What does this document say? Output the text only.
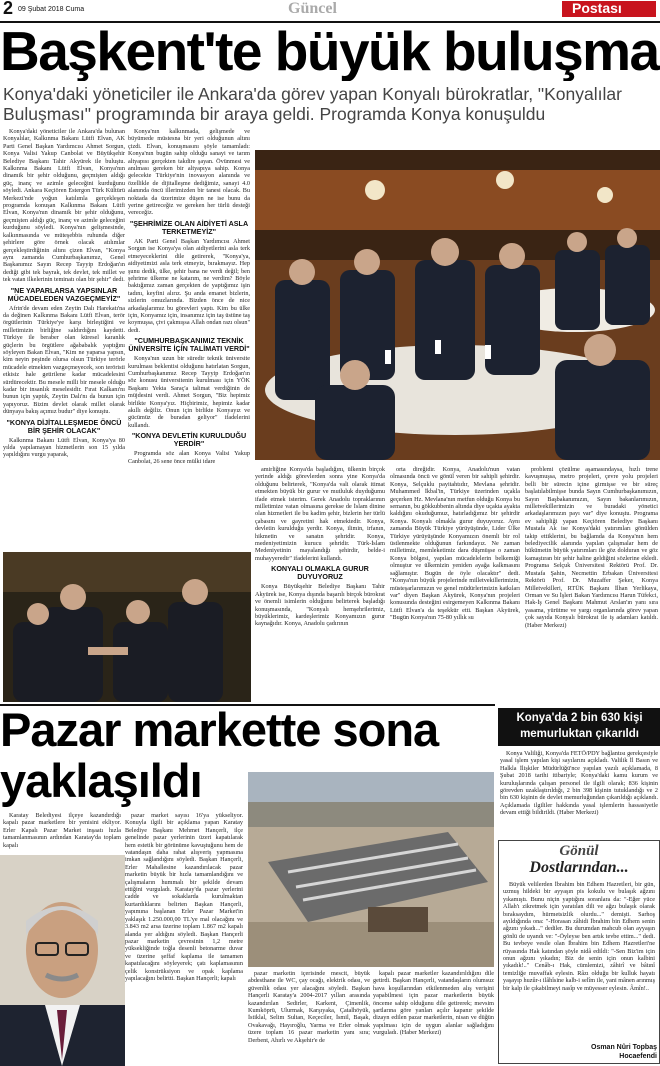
2 09 Şubat 2018 Cuma	Güncel	Postası
Başkent'te büyük buluşma

Konya'daki yöneticiler ile Ankara'da görev yapan Konyalı bürokratlar, "Konyalılar Buluşması" programında bir araya geldi. Programda Konya konuşuldu

Konya'daki yöneticiler ile Ankara'da bulunan Konyalılar, Kalkınma Bakanı Lütfi Elvan, AK Parti Genel Başkan Yardımcısı Ahmet Sorgun, Konya Valisi Yakup Canbolat ve Büyükşehir Belediye Başkanı Tahir Akyürek ile buluştu. Kalkınma Bakanı Lütfi Elvan, Konya'nın dinamik bir şehir olduğunu, geçmişten aldığı güç, inanç ve azimle geleceğini kurduğunu söyledi. Ankara Keçiören Estergon Türk Kültürü Merkezi'nde yoğun katılımla gerçekleşen programda konuşan Kalkınma Bakanı Lütfi Elvan, Konya'nın dinamik bir şehir olduğunu, geçmişten aldığı güç, inanç ve azimle geleceğini kurduğunu söyledi. Konya'nın gelişmesinde, kalkınmasında ve müteşebbis ruhunda diğer şehirlere göre örnek olacak atılımlar gerçekleştirdiğinin altını çizen Elvan, "Konya aynı zamanda Cumhurbaşkanımız, Genel Başkanımız Sayın Recep Tayyip Erdoğan'ın dediği gibi tek bayrak, tek devlet, tek millet ve tek vatan ilkelerinin teminatı olan bir şehir" dedi.

"NE YAPARLARSA YAPSINLAR MÜCADELEDEN VAZGEÇMEYİZ"

Afrin'de devam eden Zeytin Dalı Harekatı'na da değinen Kalkınma Bakanı Lütfi Elvan, terör örgütlerinin Türkiye'ye karşı birleştiğini ve milletimizin birliğine saldırdığını kaydetti. Türkiye ile beraber olan küresel karanlık güçlerin bu örgütlere ağababalık yaptığını söyleyen Bakan Elvan, "Kim ne yaparsa yapsın, kim neyin peşinde olursa olsun Türkiye terörle mücadele etmekten vazgeçmeyecek, son teröristi etkisiz hale getirilene kadar mücadelesini sürdürecektir. Bu mesele milli bir mesele olduğu kadar bir insanlık meselesidir. Fırat Kalkanı'nı bunun için yaptık, Zeytin Dalı'nı da bunun için yapıyoruz. Bizim devlet olarak millet olarak dünyaya bakış açımız budur" diye konuştu.

"KONYA DİJİTALLEŞMEDE ÖNCÜ BİR ŞEHİR OLACAK"

Kalkınma Bakanı Lütfi Elvan, Konya'ya 80 yılda yapılamayan hizmetlerin son 15 yılda yapıldığını vurgu yaparak,

Konya'nın kalkınmada, gelişmede ve büyümede müstesna bir yeri olduğunun altını çizdi. Elvan, konuşmasını şöyle tamamladı: Konya'nın bugün sahip olduğu sanayi ve tarım altyapısı gerçekten takdire şayan. Övünmesi ve anılması gereken bir altyapıya sahip. Konya gelecekte Türkiye'nin inovasyon alanında ve özellikle de dijitalleşme dediğimiz, sanayi 4.0 alanında öncü illerimizden bir tanesi olacak. Bu noktada da üzerimize düşen ne ise bunu da yerine getireceğiz ve gereken her türlü desteği vereceğiz.

"ŞEHRİMİZE OLAN AİDİYETİ ASLA TERKETMEYİZ"

AK Parti Genel Başkan Yardımcısı Ahmet Sorgun ise Konya'ya olan aidiyetlerini asla terk etmeyeceklerini dile getirerek, "Konya'ya, aidiyetimizi asla terk etmeyiz, bırakmayız. Hep şunu dedik, ülke, şehir bana ne verdi değil; ben şehrime ülkeme ne katarım, ne verdim? Böyle baktığımız zaman gerçekten de yaptığımız işin tadını, keyfini alırız. Şu anda emanet bizlerin, sizlerin omuzlarında. Bizden önce de nice arkadaşlarımız bu görevleri yaptı. Kim bu ülke için, Konyamız için, insanımız için taş üstüne taş koymuşsa, çivi çakmışsa Allah ondan razı olsun" dedi.

"CUMHURBAŞKANIMIZ TEKNİK ÜNİVERSİTE İÇİN TALİMATI VERDİ"

Konya'nın uzun bir süredir teknik üniversite kurulması beklentisi olduğunu hatırlatan Sorgun, Cumhurbaşkanımız Recep Tayyip Erdoğan'ın söz konusu üniversitenin kurulması için YÖK Başkanı Yekta Saraç'a talimat verdiğinin de müjdesini verdi. Ahmet Sorgun, "Biz hepimiz birlikte Konya'yız. Hiçbirimiz, hepimiz kadar akıllı değiliz. Onun için birlikte Konyayız ve gücümüz de buradan geliyor" ifadelerini kullandı.

"KONYA DEVLETİN KURULDUĞU YERDİR"

Programda söz alan Konya Valisi Yakup Canbolat, 26 sene önce mülki idare

amirliğine Konya'da başladığını, ülkenin birçok yerinde aldığı görevlerden sonra yine Konya'da olduğunu belirterek, "Konya'da vali olarak itimat etmekten büyük bir gurur ve mutluluk duyduğumu ifade etmek isterim. Gerek Anadolu topraklarının milletimize vatan olmasına gerekse de İslam dinine olan hizmetleri ile bu kadim şehir, bizlerin her türlü çabasını ve gayretini hak etmektedir. Konya, devletin kurulduğu yerdir. Konya, ilimin, irfanın, hikmetin ve sanatın şehridir. Konya, medeniyetimizin kurucu şehridir. Türk-İslam Medeniyetinin mayalandığı şehirdir, belde-i muhayyeredir" ifadelerini kullandı.

KONYALI OLMAKLA GURUR DUYUYORUZ

Konya Büyükşehir Belediye Başkanı Tahir Akyürek ise, Konya dışında başarılı birçok bürokrat ve önemli isimlerin olduğunu belirterek başladığı konuşmasında, "Konyalı hemşehrilerimiz, büyüklerimiz, kardeşlerimiz Konyamızın gurur kaynağıdır. Konya, Anadolu çadırının

orta direğidir. Konya, Anadolu'nun vatan olmasında öncü ve gönül veren bir sahipli şehirdir. Konya, Selçuklu payitahtıdır, Mevlana şehridir. Muhammed İkbal'in, Türkiye üzerinden uçakla geçerken Hz. Mevlana'nın metfun olduğu Konya bu semanın, bu gökkubbenin altında diye uçakta ayakta kaldığını okuduğumuz, hatırladığımız bir şehirdir Konya. Konyalı olmakla gurur duyuyoruz. Aynı zamanda Büyük Türkiye yürüyüşünde, Lider Ülke Türkiye yürüyüşünde Konyamızın önemli bir rol üstlenmekte olduğunun farkındayız. Ne zaman milletimiz, memleketimiz dara düşmüşse o zaman Konya bölgesi, yapılan mücadelelerin belkemiği olmuştur ve ülkemizin yeniden ayağa kalkmasını sağlamıştır. Bugün de öyle olacaktır" dedi. "Konya'nın büyük projelerinde milletvekillerimizin, müsteşarlarımızın ve genel müdürlerimizin katkıları var" diyen Başkan Akyürek, Konya'nın projeleri konusunda desteğini esirgemeyen Kalkınma Bakanı Lütfi Elvan'a da teşekkür etti. Başkan Akyürek, "Bugün Konya'nın 75-80 yıllık su

problemi çözülme aşamasındaysa, hızlı trene kavuşmuşsa, metro projeleri, çevre yolu projeleri belli bir sürecin içine girmişse ve bir süreç başlatılabilmişse bunda Sayın Cumhurbaşkanımızın, Sayın Başbakanımızın, Sayın bakanlarımızın, milletvekillerimizin ve buradaki yönetici arkadaşlarımızın payı var" diye konuştu. Programa ev sahipliği yapan Keçiören Belediye Başkanı Mustafa Ak ise Konya'daki yatırımları gönülden takip ettiklerini, bu bağlamda da Konya'nın hem belediyecilik alanında yapılan çalışmalar hem de hükümetin büyük yatırımları ile göz dolduran ve göz kamaştıran bir şehir haline geldiğini sözlerine ekledi. Programa Selçuk Üniversitesi Rektörü Prof. Dr. Mustafa Şahin, Necmettin Erbakan Üniversitesi Rektörü Prof. Dr. Muzaffer Şeker, Konya Milletvekilleri, RTÜK Başkanı İlhan Yerlikaya, Orman ve Su İşleri Bakan Yardımcısı Harun Tüfekci, Hak-İş Genel Başkanı Mahmut Arslan'ın yanı sıra yasama, yürütme ve yargı organlarında görev yapan çok sayıda Konyalı bürokrat ile iş adamları katıldı. (Haber Merkezi)

Pazar markette sona
yaklaşıldı

Karatay Belediyesi ilçeye kazandırdığı kapalı pazar marketlere bir yenisini ekliyor. Erler Kapalı Pazar Market inşaatı hızla tamamlanmasının ardından Karatay'da toplam kapalı

pazar market sayısı 16'ya yükseliyor. Konuyla ilgili bir açıklama yapan Karatay Belediye Başkanı Mehmet Hançerli, ilçe genelinde pazar yerlerinin üzeri kapatılarak hem estetik bir görünüme kavuştuğunu hem de vatandaşın daha rahat alışveriş yapmasına imkan sağlandığını söyledi. Başkan Hançerli, Erler Mahallesine kazandırılacak pazar marketin büyük bir hızla tamamlandığını ve çalışmaların hummalı bir şekilde devam ettiğini vurguladı. Karatay'da pazar yerlerini cadde ve sokaklarda kurulmaktan kurtardıklarını belirten Başkan Hançerli, yapımına başlanan Erler Pazar Market'in yaklaşık 1.250.000,00 TL'ye mal olacağını ve 3.843 m2 arsa üzerine toplam 1.867 m2 kapalı alanda yer aldığını söyledi. Başkan Hançerli pazar marketin çevresinin 1,2 metre yüksekliğinde toğla desenli betonarme duvar ve üzerine şeffaf kaplama ile tamamen kapatılacağını söyleyerek; çatı kaplamasının çelik konstrüksiyon ve opak kaplama yapılacağını belirtti. Başkan Hançerli; kapalı

pazar marketin içerisinde mescit, büyük abdesthane ile WC, çay ocağı, elektrik odası, ve güvenlik odası yer alacağını söyledi. Başkan Hançerli Karatay'a 2004-2017 yılları arasında kazandırılan Sedirler, Karkent, Çimenlik, Kumköprü, Ulurmak, Karşıyaka, Çatalhöyük, İstiklal, Selim Sultan, Keçeciler, İsmil, Başak, Ovakavağı, Hayıroğlu, Yarma ve Erler olmak üzere toplam 16 pazar marketin yanı sıra; Derbent, Ahırlı ve Akşehir'e de

kapalı pazar marketler kazandırıldığını dile getirdi. Başkan Hançerli, vatandaşların olumsuz hava koşullarından etkilenmeden alış verişini yapabilmesi için pazar marketlerin büyük önceme sahip olduğunu dile getirerek; mevsim şartlarına göre yanları açılır kapanır şekilde dizayn edilen pazar marketlerin, nisan ve düğün yapılması için de uygun alanlar sağladığını vurguladı. (Haber Merkezi)

Konya'da 2 bin 630 kişi memurluktan çıkarıldı

Konya Valiliği, Konya'da FETÖ/PDY bağlantısı gerekçesiyle yasal işlem yapılan kişi sayılarını açıkladı. Valilik İl Basın ve Halkla İlişkiler Müdürlüğü'nce yapılan yazılı açıklamada, 8 Şubat 2018 tarihi itibariyle; Konya'daki kamu kurum ve kuruluşlarında çalışan personel ile ilgili olarak; 836 kişinin görevden uzaklaştırıldığı, 2 bin 398 kişinin tutuklandığı ve 2 bin 630 kişinin de devlet memurluğundan çıkarıldığı açıklandı. Açıklamada ilgililer hakkında yasal işlemlerin hassasiyetle devam ettiği bildirildi. (Haber Merkezi)

Gönül
Dostlarından...

Büyük velilerden İbrahim bin Edhem Hazretleri, bir gün, uzmuş hildeki bir ayyaşın pis kokulu ve bulaşık ağzını yıkamıştı. Bunu niçin yaptığını soranlara da: "-Eğer yüce Allah'ı zikretmek için yaratılan dili ve ağzı bulaşık olarak bıraksaydım, hürmetsizlik olurdu..." demişti. Sarhoş ayıldığında ona: "-Horasan zâhidi İbrahim bin Edhem senin ağzını yıkadı..." dediler. Bu durumdan mahcub olan ayyaşın gönlü de uyandı ve: "-Öyleyse ben artık tevbe ettim..." dedi. Bu tevbeye vesile olan İbrahim bin Edhem Hazretleri'ne rüyasında Hak katından şöyle nidâ edildi: "-Sen Biz'im için onun ağzını yıkadın; Biz de senin için onun kalbini yıkadık!.." Cenâb-ı Hak, cümlemizi, zâhirî ve bâtınî temizliğe muvaffak eylesin. Râzı olduğu bir kulluk hayatı yaşayıp huzûr-ı ilâhîsine kalb-i selîm ile, yani mânen arınmış bir kalp ile çıkabilmeyi nasîp ve müyesser eylesin. Âmîn!..

Osman Nûri Topbaş
Hocaefendi
